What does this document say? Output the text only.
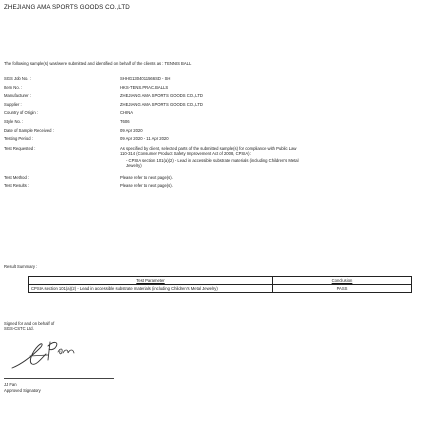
ZHEJIANG AMA SPORTS GOODS CO.,LTD
The following sample(s) was/were submitted and identified on behalf of the clients as : TENNIS BALL
SGS Job No. :	SHHG1304011566SD - SH
Item No. :	HKS-TENS.PRAC.BALLS
Manufacturer :	ZHEJIANG AMA SPORTS GOODS CO.,LTD
Supplier :	ZHEJIANG AMA SPORTS GOODS CO.,LTD
Country of Origin :	CHINA
Style No. :	T606
Date of Sample Received :	09 Apr 2020
Testing Period :	09 Apr 2020 - 11 Apr 2020
Test Requested :	As specified by client, selected parts of the submitted sample(s) for compliance with Public Law 110-314 (Consumer Product Safety Improvement Act of 2008, CPSIA):
- CPSIA section 101(a)(2) - Lead in accessible substrate materials (including Children's Metal Jewelry)
Test Method :	Please refer to next page(s).
Test Results :	Please refer to next page(s).
Result Summary :
Test Parameter	Conclusion
CPSIA section 101(a)(2) - Lead in accessible substrate materials (including Children's Metal Jewelry)	PASS
Signed for and on behalf of
SGS-CSTC Ltd.
JJ Fan
Approved Signatory
